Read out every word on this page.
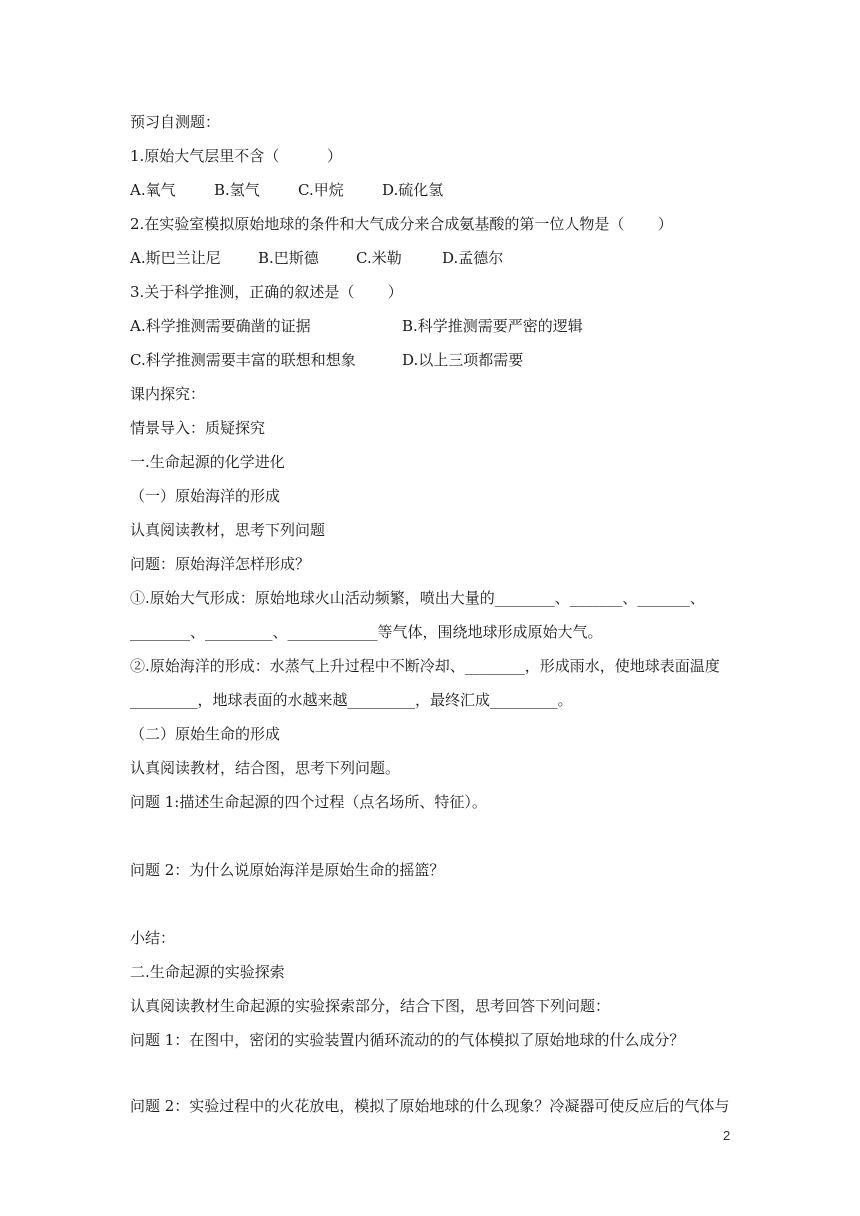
预习自测题：
1.原始大气层里不含（          ）
A.氧气	B.氢气	C.甲烷	D.硫化氢
2.在实验室模拟原始地球的条件和大气成分来合成氨基酸的第一位人物是（       ）
A.斯巴兰让尼 B.巴斯德 C.米勒	D.孟德尔
3.关于科学推测，正确的叙述是（       ）
A.科学推测需要确凿的证据	B.科学推测需要严密的逻辑
C.科学推测需要丰富的联想和想象	D.以上三项都需要
课内探究：
情景导入：质疑探究
一.生命起源的化学进化
（一）原始海洋的形成
认真阅读教材，思考下列问题
问题：原始海洋怎样形成？
①.原始大气形成：原始地球火山活动频繁，喷出大量的________、_______、_______、
________、_________、____________等气体，围绕地球形成原始大气。
②.原始海洋的形成：水蒸气上升过程中不断冷却、________，形成雨水，使地球表面温度
_________，地球表面的水越来越_________，最终汇成_________。
（二）原始生命的形成
认真阅读教材，结合图，思考下列问题。
问题 1:描述生命起源的四个过程（点名场所、特征）。
问题 2：为什么说原始海洋是原始生命的摇篮？
小结：
二.生命起源的实验探索
认真阅读教材生命起源的实验探索部分，结合下图，思考回答下列问题：
问题 1：在图中，密闭的实验装置内循环流动的的气体模拟了原始地球的什么成分？
问题 2：实验过程中的火花放电，模拟了原始地球的什么现象？冷凝器可使反应后的气体与
2
